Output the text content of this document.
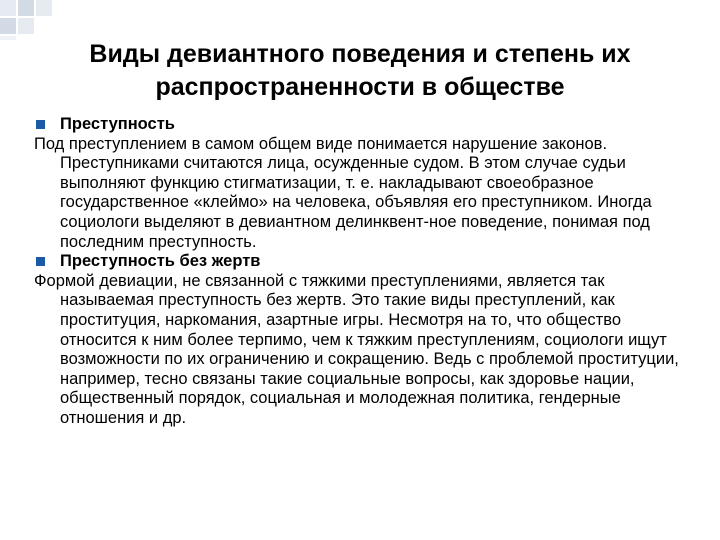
Виды девиантного поведения и степень их
распространенности в обществе
Преступность

Под преступлением в самом общем виде понимается нарушение законов. Преступниками считаются лица, осужденные судом. В этом случае судьи выполняют функцию стигматизации, т. е. накладывают своеобразное государственное «клеймо» на человека, объявляя его преступником. Иногда социологи выделяют в девиантном делинквент-ное поведение, понимая под последним преступность.

Преступность без жертв

Формой девиации, не связанной с тяжкими преступлениями, является так называемая преступность без жертв. Это такие виды преступлений, как проституция, наркомания, азартные игры. Несмотря на то, что общество относится к ним более терпимо, чем к тяжким преступлениям, социологи ищут возможности по их ограничению и сокращению. Ведь с проблемой проституции, например, тесно связаны такие социальные вопросы, как здоровье нации, общественный порядок, социальная и молодежная политика, гендерные отношения и др.
